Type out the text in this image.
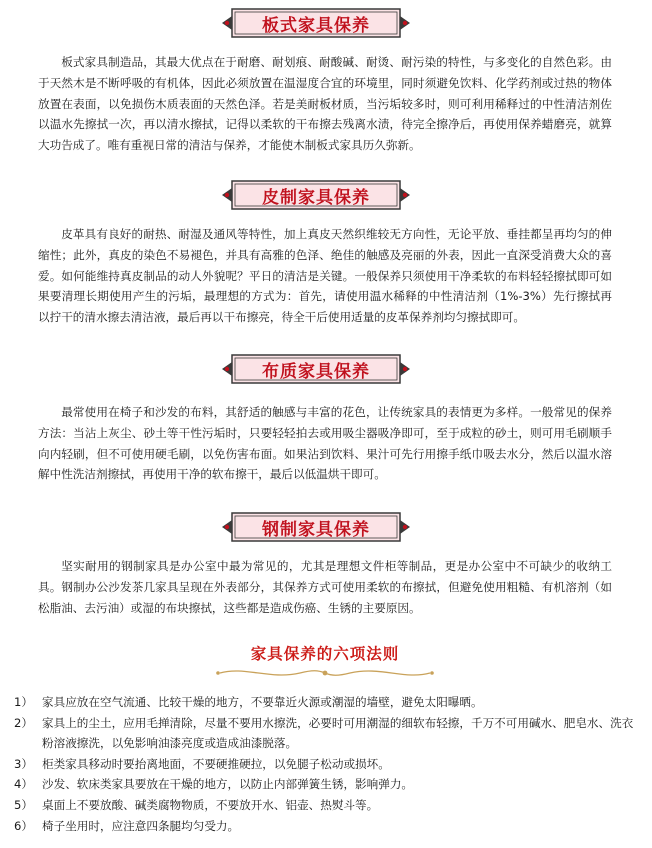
板式家具保养

板式家具制造品，其最大优点在于耐磨、耐划痕、耐酸碱、耐烫、耐污染的特性，与多变化的自然色彩。由于天然木是不断呼吸的有机体，因此必须放置在温湿度合宜的环境里，同时须避免饮料、化学药剂或过热的物体放置在表面，以免损伤木质表面的天然色泽。若是美耐板材质，当污垢较多时，则可利用稀释过的中性清洁剂佐以温水先擦拭一次，再以清水擦拭，记得以柔软的干布擦去残离水渍，待完全擦净后，再使用保养蜡磨亮，就算大功告成了。唯有重视日常的清洁与保养，才能使木制板式家具历久弥新。

皮制家具保养

皮革具有良好的耐热、耐湿及通风等特性，加上真皮天然织维较无方向性，无论平放、垂挂都呈再均匀的伸缩性；此外，真皮的染色不易褪色，并具有高雅的色泽、绝佳的触感及亮丽的外表，因此一直深受消费大众的喜爱。如何能维持真皮制品的动人外貌呢？平日的清洁是关键。一般保养只须使用干净柔软的布料轻轻擦拭即可如果要清理长期使用产生的污垢，最理想的方式为：首先，请使用温水稀释的中性清洁剂（1%-3%）先行擦拭再以拧干的清水擦去清洁液，最后再以干布擦亮，待全干后使用适量的皮革保养剂均匀擦拭即可。

布质家具保养

最常使用在椅子和沙发的布料，其舒适的触感与丰富的花色，让传统家具的表情更为多样。一般常见的保养方法：当沾上灰尘、砂土等干性污垢时，只要轻轻拍去或用吸尘器吸净即可，至于成粒的砂土，则可用毛刷顺手向内轻刷，但不可使用硬毛刷，以免伤害布面。如果沾到饮料、果汁可先行用擦手纸巾吸去水分，然后以温水溶解中性洗洁剂擦拭，再使用干净的软布擦干，最后以低温烘干即可。

钢制家具保养

坚实耐用的钢制家具是办公室中最为常见的，尤其是理想文件柜等制品，更是办公室中不可缺少的收纳工具。钢制办公沙发茶几家具呈现在外表部分，其保养方式可使用柔软的布擦拭，但避免使用粗糙、有机溶剂（如松脂油、去污油）或湿的布块擦拭，这些都是造成伤癌、生锈的主要原因。

家具保养的六项法则
1） 家具应放在空气流通、比较干燥的地方，不要靠近火源或潮湿的墙壁，避免太阳曝晒。
2） 家具上的尘土，应用毛掸清除，尽量不要用水擦洗，必要时可用潮湿的细软布轻擦，千万不可用碱水、肥皂水、洗衣粉溶液擦洗，以免影响油漆亮度或造成油漆脱落。
3） 柜类家具移动时要抬离地面，不要硬推硬拉，以免腿子松动或损坏。
4） 沙发、软床类家具要放在干燥的地方，以防止内部弹簧生锈，影响弹力。
5） 桌面上不要放酸、碱类腐物物质，不要放开水、铝壶、热熨斗等。
6） 椅子坐用时，应注意四条腿均匀受力。
